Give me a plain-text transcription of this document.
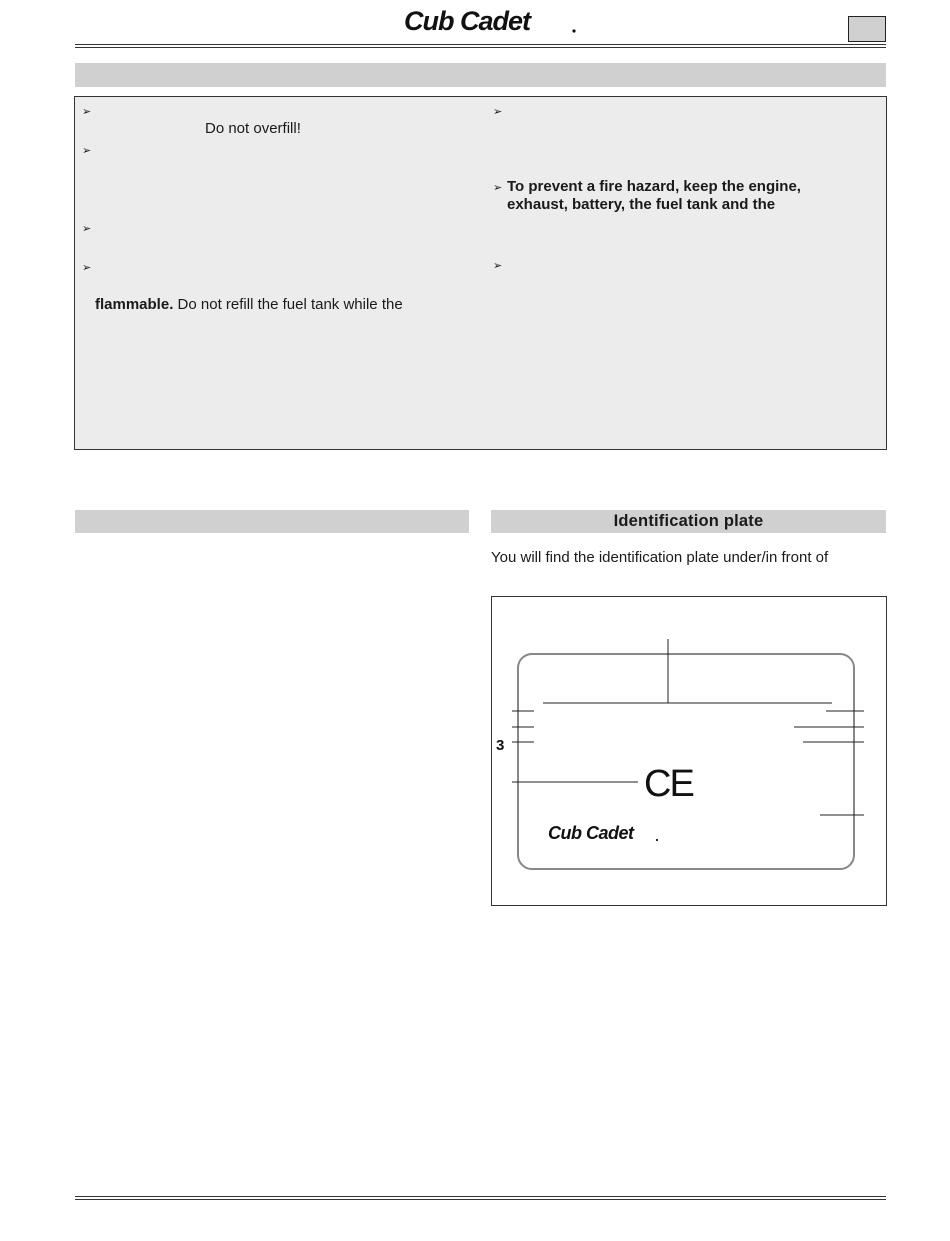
Cub Cadet
➢
➢
➢
➢
➢
➢
➢
Do not overfill!
flammable. Do not refill the fuel tank while the
To prevent a fire hazard, keep the engine,
exhaust, battery, the fuel tank and the
Identification plate
You will find the identification plate under/in front of
3
CE
Cub Cadet
